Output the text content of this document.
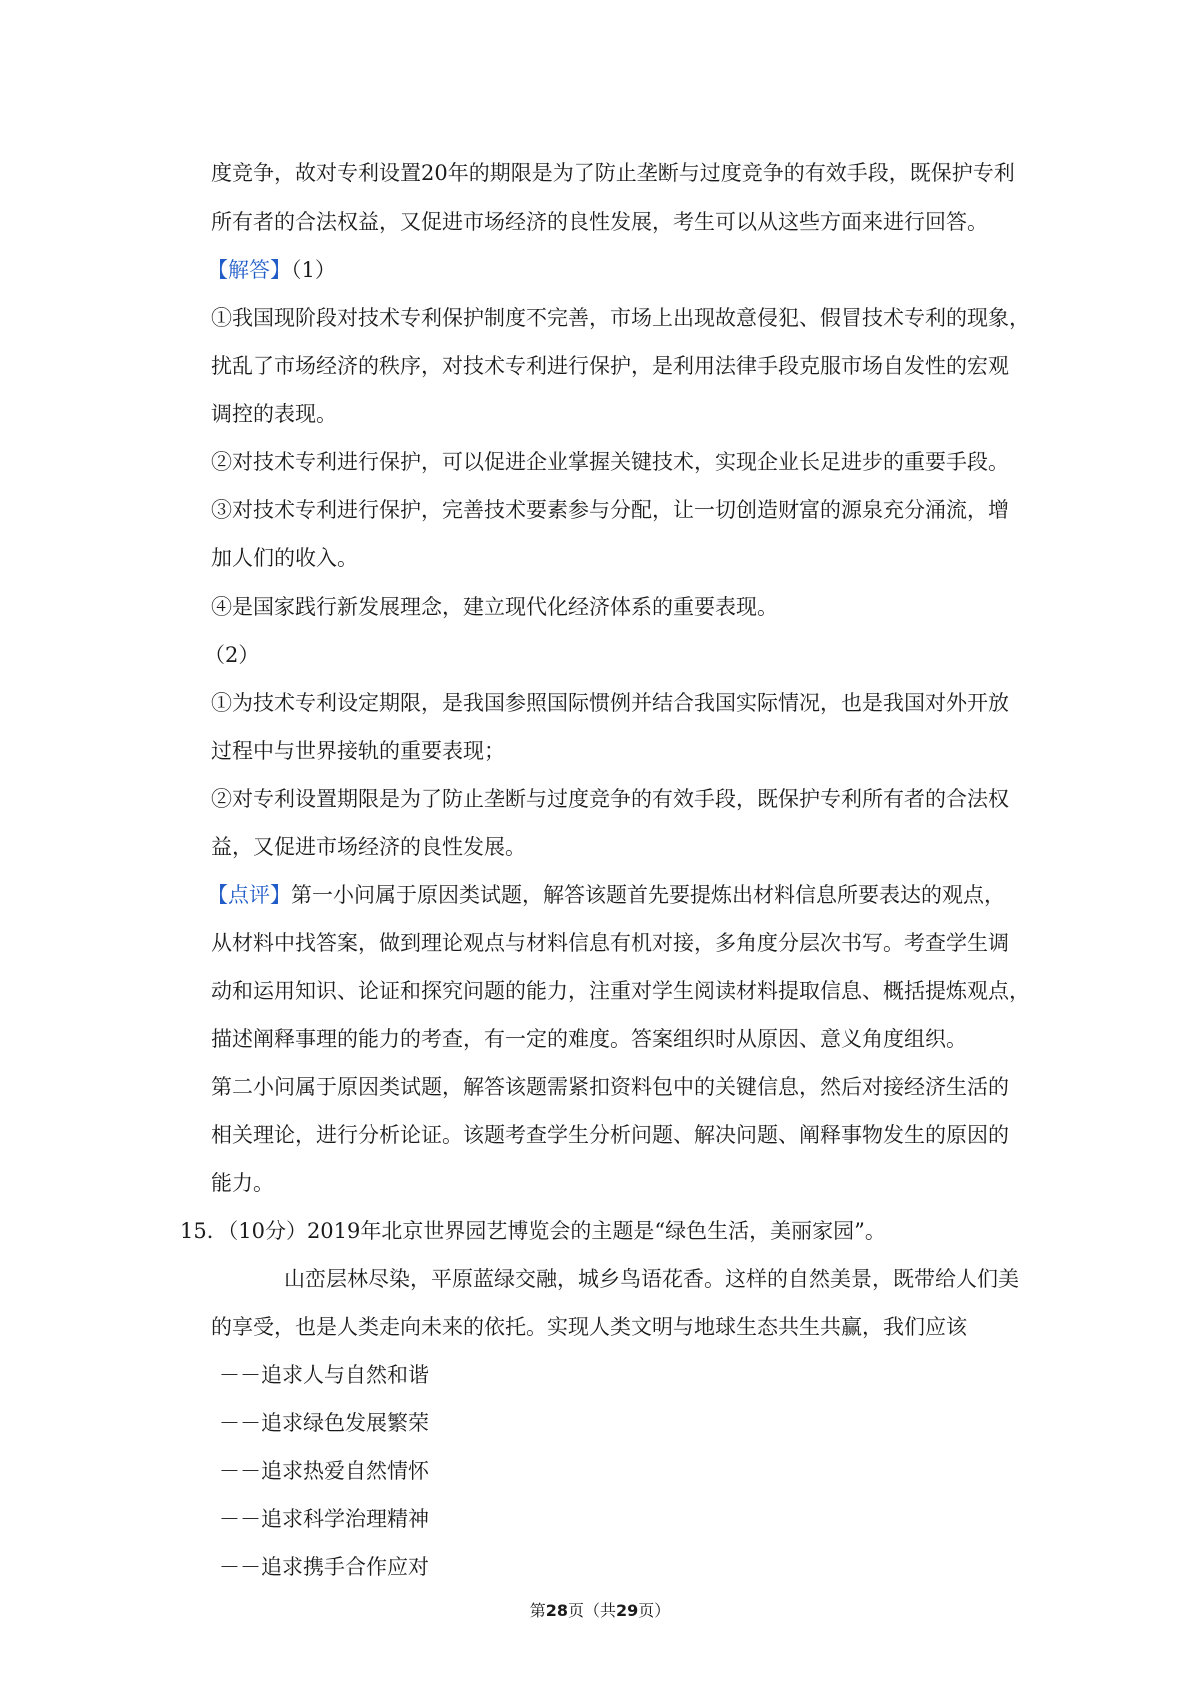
度竞争，故对专利设置20年的期限是为了防止垄断与过度竞争的有效手段，既保护专利
所有者的合法权益，又促进市场经济的良性发展，考生可以从这些方面来进行回答。
【解答】（1）
①我国现阶段对技术专利保护制度不完善，市场上出现故意侵犯、假冒技术专利的现象，
扰乱了市场经济的秩序，对技术专利进行保护，是利用法律手段克服市场自发性的宏观
调控的表现。
②对技术专利进行保护，可以促进企业掌握关键技术，实现企业长足进步的重要手段。
③对技术专利进行保护，完善技术要素参与分配，让一切创造财富的源泉充分涌流，增
加人们的收入。
④是国家践行新发展理念，建立现代化经济体系的重要表现。
（2）
①为技术专利设定期限，是我国参照国际惯例并结合我国实际情况，也是我国对外开放
过程中与世界接轨的重要表现；
②对专利设置期限是为了防止垄断与过度竞争的有效手段，既保护专利所有者的合法权
益，又促进市场经济的良性发展。
【点评】第一小问属于原因类试题，解答该题首先要提炼出材料信息所要表达的观点，
从材料中找答案，做到理论观点与材料信息有机对接，多角度分层次书写。考查学生调
动和运用知识、论证和探究问题的能力，注重对学生阅读材料提取信息、概括提炼观点，
描述阐释事理的能力的考查，有一定的难度。答案组织时从原因、意义角度组织。
第二小问属于原因类试题，解答该题需紧扣资料包中的关键信息，然后对接经济生活的
相关理论，进行分析论证。该题考查学生分析问题、解决问题、阐释事物发生的原因的
能力。
15．（10分）2019年北京世界园艺博览会的主题是“绿色生活，美丽家园”。
山峦层林尽染，平原蓝绿交融，城乡鸟语花香。这样的自然美景，既带给人们美
的享受，也是人类走向未来的依托。实现人类文明与地球生态共生共赢，我们应该
－－追求人与自然和谐
－－追求绿色发展繁荣
－－追求热爱自然情怀
－－追求科学治理精神
－－追求携手合作应对
第28页（共29页）
